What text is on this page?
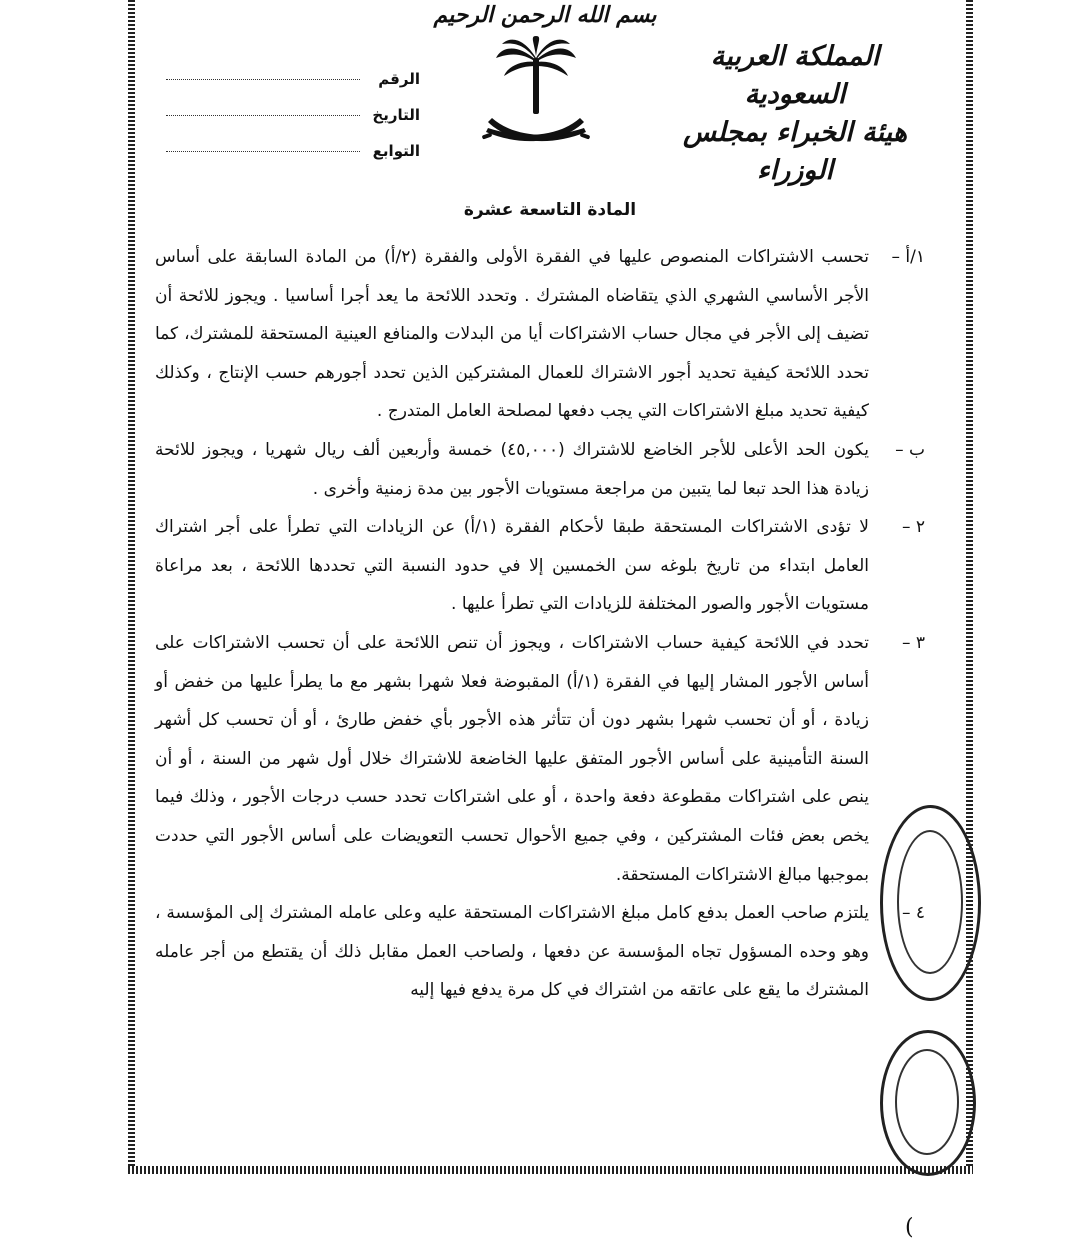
بسم الله الرحمن الرحيم
المملكة العربية السعودية
هيئة الخبراء بمجلس الوزراء
الرقم
التاريخ
التوابع
المادة التاسعة عشرة
١/أ –
تحسب الاشتراكات المنصوص عليها في الفقرة الأولى والفقرة (٢/أ) من المادة السابقة على أساس الأجر الأساسي الشهري الذي يتقاضاه المشترك . وتحدد اللائحة ما يعد أجرا أساسيا . ويجوز للائحة أن تضيف إلى الأجر في مجال حساب الاشتراكات أيا من البدلات والمنافع العينية المستحقة للمشترك، كما تحدد اللائحة كيفية تحديد أجور الاشتراك للعمال المشتركين الذين تحدد أجورهم حسب الإنتاج ، وكذلك كيفية تحديد مبلغ الاشتراكات التي يجب دفعها لمصلحة العامل المتدرج .
ب –
يكون الحد الأعلى للأجر الخاضع للاشتراك (٤٥,٠٠٠) خمسة وأربعين ألف ريال شهريا ، ويجوز للائحة زيادة هذا الحد تبعا لما يتبين من مراجعة مستويات الأجور بين مدة زمنية وأخرى .
٢ –
لا تؤدى الاشتراكات المستحقة طبقا لأحكام الفقرة (١/أ) عن الزيادات التي تطرأ على أجر اشتراك العامل ابتداء من تاريخ بلوغه سن الخمسين إلا في حدود النسبة التي تحددها اللائحة ، بعد مراعاة مستويات الأجور والصور المختلفة للزيادات التي تطرأ عليها .
٣ –
تحدد في اللائحة كيفية حساب الاشتراكات ، ويجوز أن تنص اللائحة على أن تحسب الاشتراكات على أساس الأجور المشار إليها في الفقرة (١/أ) المقبوضة فعلا شهرا بشهر مع ما يطرأ عليها من خفض أو زيادة ، أو أن تحسب شهرا بشهر دون أن تتأثر هذه الأجور بأي خفض طارئ ، أو أن تحسب كل أشهر السنة التأمينية على أساس الأجور المتفق عليها الخاضعة للاشتراك خلال أول شهر من السنة ، أو أن ينص على اشتراكات مقطوعة دفعة واحدة ، أو على اشتراكات تحدد حسب درجات الأجور ، وذلك فيما يخص بعض فئات المشتركين ، وفي جميع الأحوال تحسب التعويضات على أساس الأجور التي حددت بموجبها مبالغ الاشتراكات المستحقة.
٤ –
يلتزم صاحب العمل بدفع كامل مبلغ الاشتراكات المستحقة عليه وعلى عامله المشترك إلى المؤسسة ، وهو وحده المسؤول تجاه المؤسسة عن دفعها ، ولصاحب العمل مقابل ذلك أن يقتطع من أجر عامله المشترك ما يقع على عاتقه من اشتراك في كل مرة يدفع فيها إليه
(
